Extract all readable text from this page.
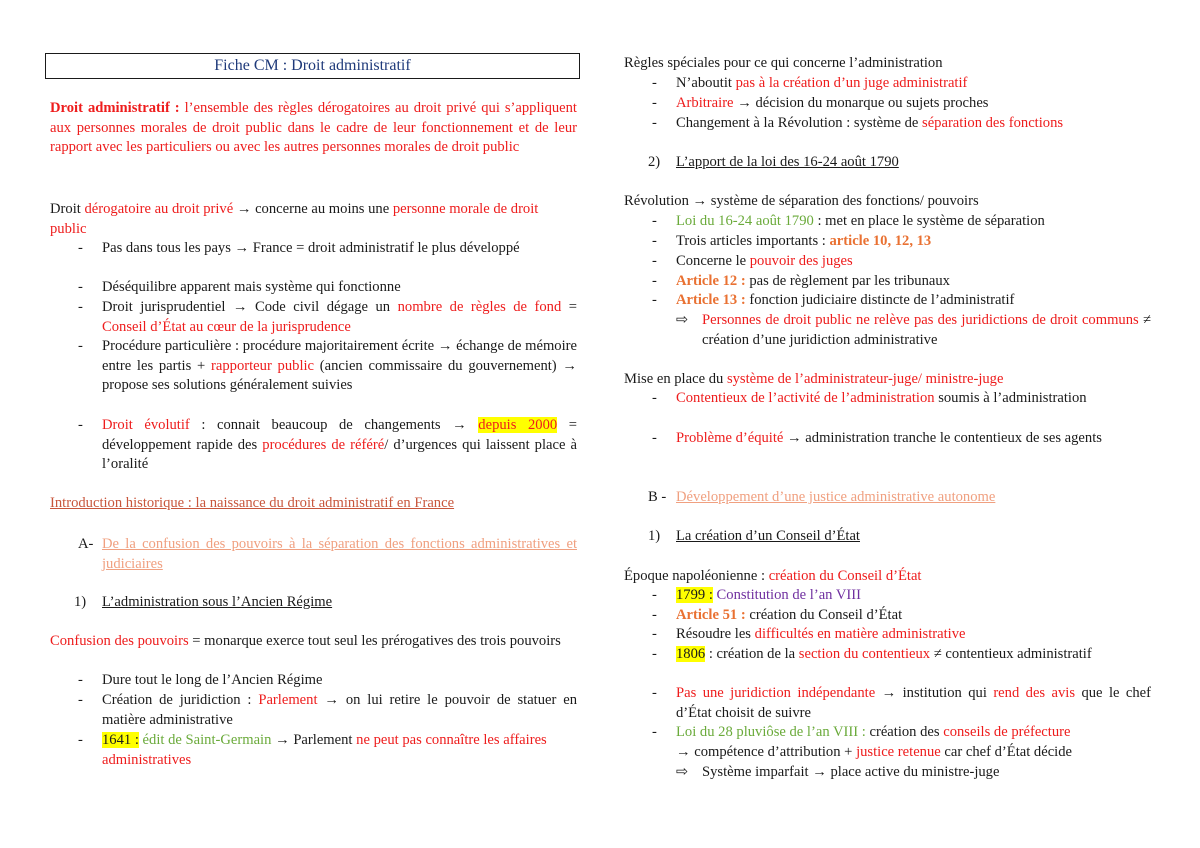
Fiche CM : Droit administratif
Droit administratif : l’ensemble des règles dérogatoires au droit privé qui s’appliquent aux personnes morales de droit public dans le cadre de leur fonctionnement et de leur rapport avec les particuliers ou avec les autres personnes morales de droit public
Droit dérogatoire au droit privé → concerne au moins une personne morale de droit public
- Pas dans tous les pays → France = droit administratif le plus développé
- Déséquilibre apparent mais système qui fonctionne
- Droit jurisprudentiel → Code civil dégage un nombre de règles de fond = Conseil d’État au cœur de la jurisprudence
- Procédure particulière : procédure majoritairement écrite → échange de mémoire entre les partis + rapporteur public (ancien commissaire du gouvernement) → propose ses solutions généralement suivies
- Droit évolutif : connait beaucoup de changements → depuis 2000 = développement rapide des procédures de référé/ d’urgences qui laissent place à l’oralité
Introduction historique : la naissance du droit administratif en France
A- De la confusion des pouvoirs à la séparation des fonctions administratives et judiciaires
1) L’administration sous l’Ancien Régime
Confusion des pouvoirs = monarque exerce tout seul les prérogatives des trois pouvoirs
- Dure tout le long de l’Ancien Régime
- Création de juridiction : Parlement → on lui retire le pouvoir de statuer en matière administrative
- 1641 : édit de Saint-Germain → Parlement ne peut pas connaître les affaires administratives
Règles spéciales pour ce qui concerne l’administration
- N’aboutit pas à la création d’un juge administratif
- Arbitraire → décision du monarque ou sujets proches
- Changement à la Révolution : système de séparation des fonctions
2) L’apport de la loi des 16-24 août 1790
Révolution → système de séparation des fonctions/ pouvoirs
- Loi du 16-24 août 1790 : met en place le système de séparation
- Trois articles importants : article 10, 12, 13
- Concerne le pouvoir des juges
- Article 12 : pas de règlement par les tribunaux
- Article 13 : fonction judiciaire distincte de l’administratif
⇨ Personnes de droit public ne relève pas des juridictions de droit communs ≠ création d’une juridiction administrative
Mise en place du système de l’administrateur-juge/ ministre-juge
- Contentieux de l’activité de l’administration soumis à l’administration
- Problème d’équité → administration tranche le contentieux de ses agents
B - Développement d’une justice administrative autonome
1) La création d’un Conseil d’État
Époque napoléonienne : création du Conseil d’État
- 1799 : Constitution de l’an VIII
- Article 51 : création du Conseil d’État
- Résoudre les difficultés en matière administrative
- 1806 : création de la section du contentieux ≠ contentieux administratif
- Pas une juridiction indépendante → institution qui rend des avis que le chef d’État choisit de suivre
- Loi du 28 pluviôse de l’an VIII : création des conseils de préfecture
→ compétence d’attribution + justice retenue car chef d’État décide
⇨ Système imparfait → place active du ministre-juge
